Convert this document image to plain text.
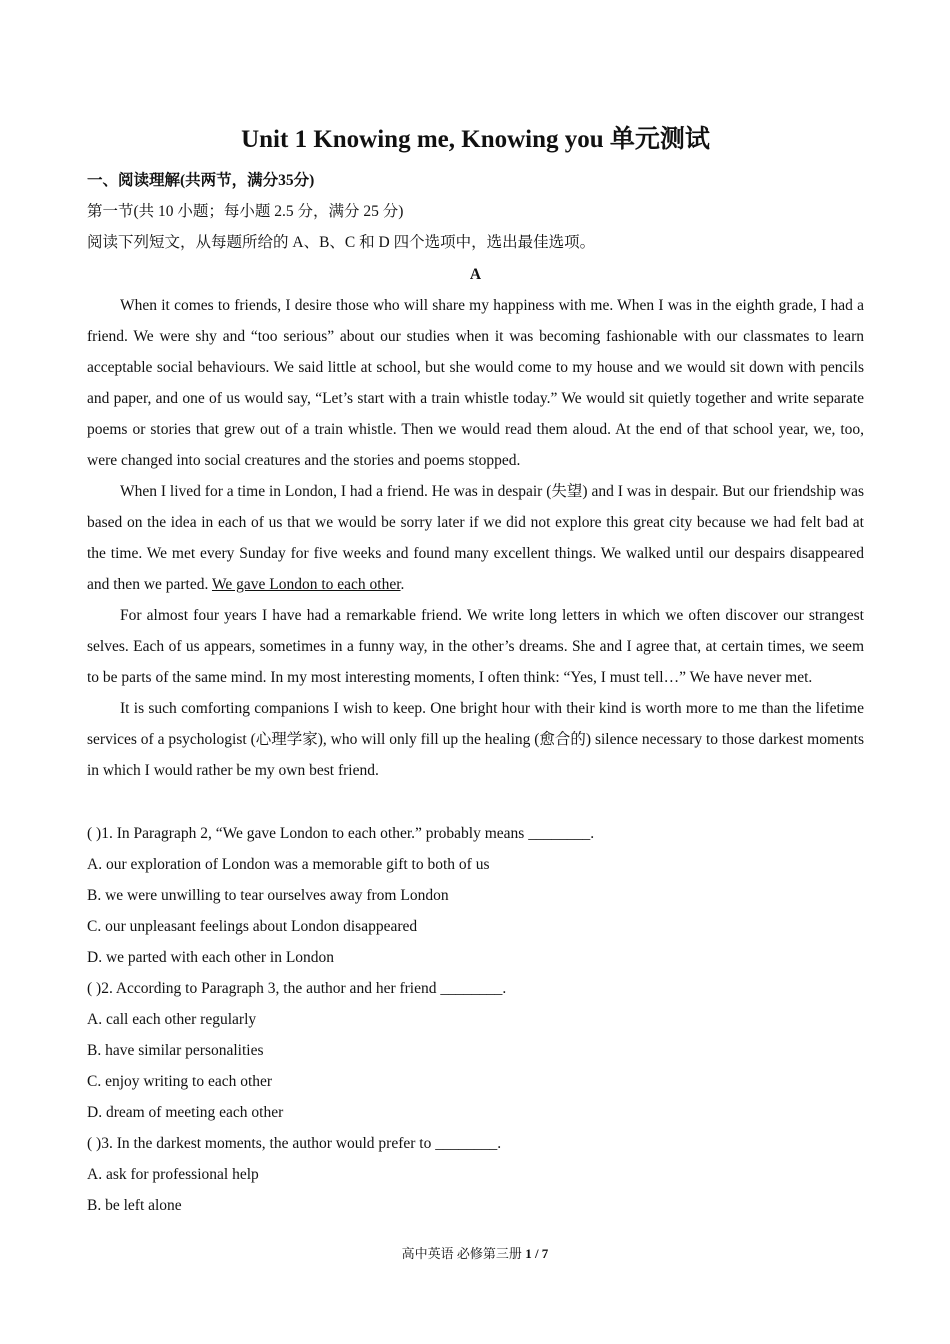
Unit 1 Knowing me, Knowing you 单元测试
一、阅读理解(共两节，满分35分)
第一节(共 10 小题；每小题 2.5 分，满分 25 分)
阅读下列短文，从每题所给的 A、B、C 和 D 四个选项中，选出最佳选项。
A

When it comes to friends, I desire those who will share my happiness with me. When I was in the eighth grade, I had a friend. We were shy and “too serious” about our studies when it was becoming fashionable with our classmates to learn acceptable social behaviours. We said little at school, but she would come to my house and we would sit down with pencils and paper, and one of us would say, “Let’s start with a train whistle today.” We would sit quietly together and write separate poems or stories that grew out of a train whistle. Then we would read them aloud. At the end of that school year, we, too, were changed into social creatures and the stories and poems stopped.

When I lived for a time in London, I had a friend. He was in despair (失望) and I was in despair. But our friendship was based on the idea in each of us that we would be sorry later if we did not explore this great city because we had felt bad at the time. We met every Sunday for five weeks and found many excellent things. We walked until our despairs disappeared and then we parted. We gave London to each other.

For almost four years I have had a remarkable friend. We write long letters in which we often discover our strangest selves. Each of us appears, sometimes in a funny way, in the other’s dreams. She and I agree that, at certain times, we seem to be parts of the same mind. In my most interesting moments, I often think: “Yes, I must tell…” We have never met.

It is such comforting companions I wish to keep. One bright hour with their kind is worth more to me than the lifetime services of a psychologist (心理学家), who will only fill up the healing (愈合的) silence necessary to those darkest moments in which I would rather be my own best friend.

( )1. In Paragraph 2, “We gave London to each other.” probably means ________.
A. our exploration of London was a memorable gift to both of us
B. we were unwilling to tear ourselves away from London
C. our unpleasant feelings about London disappeared
D. we parted with each other in London
( )2. According to Paragraph 3, the author and her friend ________.
A. call each other regularly
B. have similar personalities
C. enjoy writing to each other
D. dream of meeting each other
( )3. In the darkest moments, the author would prefer to ________.
A. ask for professional help
B. be left alone
高中英语 必修第三册 1 / 7
